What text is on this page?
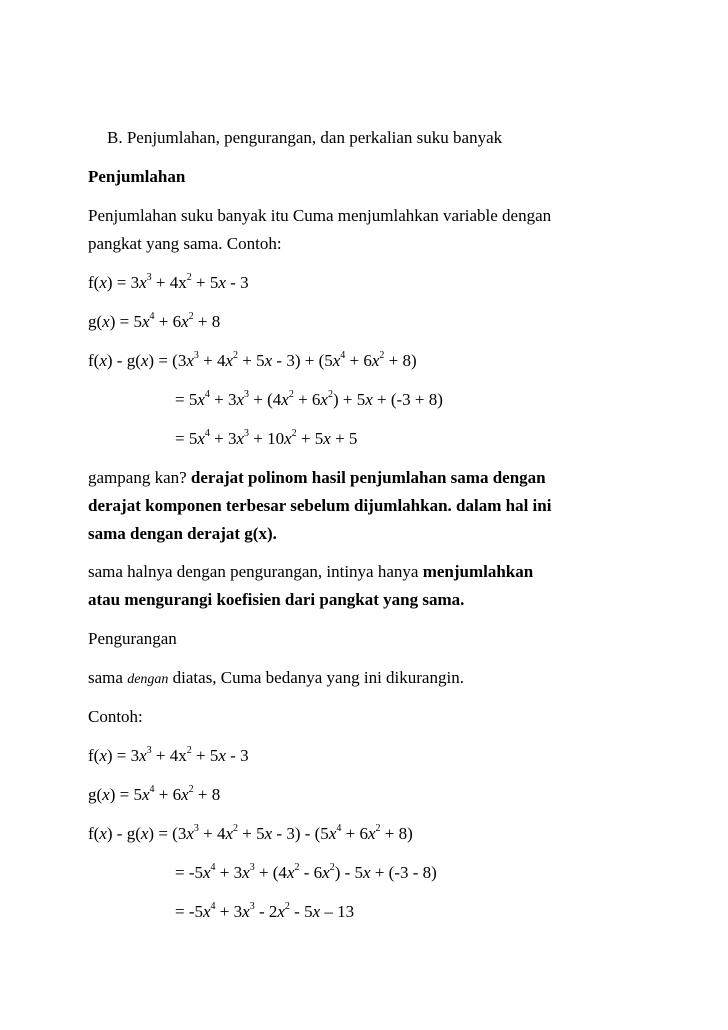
B. Penjumlahan, pengurangan, dan perkalian suku banyak
Penjumlahan
Penjumlahan suku banyak itu Cuma menjumlahkan variable dengan
pangkat yang sama. Contoh:
$f(x) = 3x^3 + 4x^2 + 5x - 3$
$g(x) = 5x^4 + 6x^2 + 8$
$f(x) - g(x) = (3x^3 + 4x^2 + 5x - 3) + (5x^4 + 6x^2 + 8)$
= $5x^4 + 3x^3 + (4x^2 + 6x^2) + 5x + (-3 + 8)$
= $5x^4 + 3x^3 + 10x^2 + 5x + 5$
gampang kan? derajat polinom hasil penjumlahan sama dengan
derajat komponen terbesar sebelum dijumlahkan. dalam hal ini
sama dengan derajat g(x).
sama halnya dengan pengurangan, intinya hanya menjumlahkan
atau mengurangi koefisien dari pangkat yang sama.
Pengurangan
sama dengan diatas, Cuma bedanya yang ini dikurangin.
Contoh:
$f(x) = 3x^3 + 4x^2 + 5x - 3$
$g(x) = 5x^4 + 6x^2 + 8$
$f(x) - g(x) = (3x^3 + 4x^2 + 5x - 3) - (5x^4 + 6x^2 + 8)$
= $-5x^4 + 3x^3 + (4x^2 - 6x^2) - 5x + (-3 - 8)$
= $-5x^4 + 3x^3 - 2x^2 - 5x - 13$
